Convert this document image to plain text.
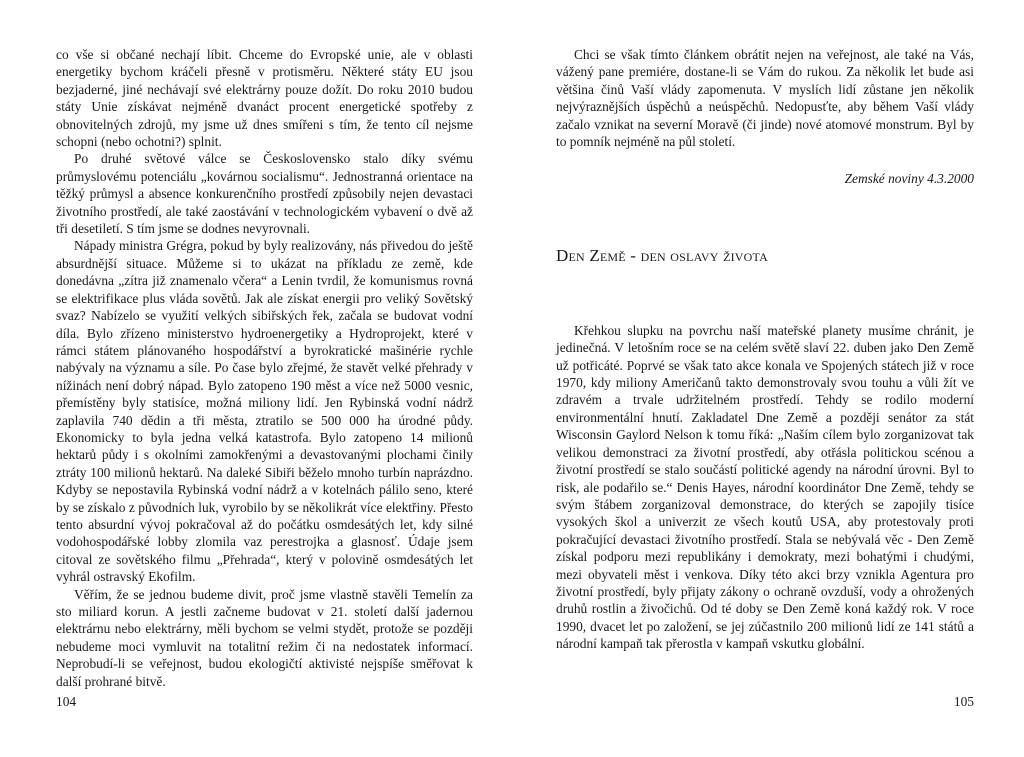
co vše si občané nechají líbit. Chceme do Evropské unie, ale v oblasti energetiky bychom kráčeli přesně v protisměru. Některé státy EU jsou bezjaderné, jiné nechávají své elektrárny pouze dožít. Do roku 2010 budou státy Unie získávat nejméně dvanáct procent energetické spotřeby z obnovitelných zdrojů, my jsme už dnes smířeni s tím, že tento cíl nejsme schopni (nebo ochotni?) splnit.

Po druhé světové válce se Československo stalo díky svému průmyslovému potenciálu „kovárnou socialismu“. Jednostranná orientace na těžký průmysl a absence konkurenčního prostředí způsobily nejen devastaci životního prostředí, ale také zaostávání v technologickém vybavení o dvě až tři desetiletí. S tím jsme se dodnes nevyrovnali.

Nápady ministra Grégra, pokud by byly realizovány, nás přivedou do ještě absurdnější situace. Můžeme si to ukázat na příkladu ze země, kde donedávna „zítra již znamenalo včera“ a Lenin tvrdil, že komunismus rovná se elektrifikace plus vláda sovětů. Jak ale získat energii pro veliký Sovětský svaz? Nabízelo se využití velkých sibiřských řek, začala se budovat vodní díla. Bylo zřízeno ministerstvo hydroenergetiky a Hydroprojekt, které v rámci státem plánovaného hospodářství a byrokratické mašinérie rychle nabývaly na významu a síle. Po čase bylo zřejmé, že stavět velké přehrady v nížinách není dobrý nápad. Bylo zatopeno 190 měst a více než 5000 vesnic, přemístěny byly statisíce, možná miliony lidí. Jen Rybinská vodní nádrž zaplavila 740 dědin a tři města, ztratilo se 500 000 ha úrodné půdy. Ekonomicky to byla jedna velká katastrofa. Bylo zatopeno 14 milionů hektarů půdy i s okolními zamokřenými a devastovanými plochami činily ztráty 100 milionů hektarů. Na daleké Sibiři běželo mnoho turbín naprázdno. Kdyby se nepostavila Rybinská vodní nádrž a v kotelnách pálilo seno, které by se získalo z původních luk, vyrobilo by se několikrát více elektřiny. Přesto tento absurdní vývoj pokračoval až do počátku osmdesátých let, kdy silné vodohospodářské lobby zlomila vaz perestrojka a glasnosť. Údaje jsem citoval ze sovětského filmu „Přehrada“, který v polovině osmdesátých let vyhrál ostravský Ekofilm.

Věřím, že se jednou budeme divit, proč jsme vlastně stavěli Temelín za sto miliard korun. A jestli začneme budovat v 21. století další jadernou elektrárnu nebo elektrárny, měli bychom se velmi stydět, protože se později nebudeme moci vymluvit na totalitní režim či na nedostatek informací. Neprobudí-li se veřejnost, budou ekologičtí aktivisté nejspíše směřovat k další prohrané bitvě.

104

Chci se však tímto článkem obrátit nejen na veřejnost, ale také na Vás, vážený pane premiére, dostane-li se Vám do rukou. Za několik let bude asi většina činů Vaší vlády zapomenuta. V myslích lidí zůstane jen několik nejvýraznějších úspěchů a neúspěchů. Nedopusťte, aby během Vaší vlády začalo vznikat na severní Moravě (či jinde) nové atomové monstrum. Byl by to pomník nejméně na půl století.

Zemské noviny 4.3.2000
Den Země - den oslavy života

Křehkou slupku na povrchu naší mateřské planety musíme chránit, je jedinečná. V letošním roce se na celém světě slaví 22. duben jako Den Země už potřicáté. Poprvé se však tato akce konala ve Spojených státech již v roce 1970, kdy miliony Američanů takto demonstrovaly svou touhu a vůli žít ve zdravém a trvale udržitelném prostředí. Tehdy se rodilo moderní environmentální hnutí. Zakladatel Dne Země a později senátor za stát Wisconsin Gaylord Nelson k tomu říká: „Naším cílem bylo zorganizovat tak velikou demonstraci za životní prostředí, aby otřásla politickou scénou a životní prostředí se stalo součástí politické agendy na národní úrovni. Byl to risk, ale podařilo se.“ Denis Hayes, národní koordinátor Dne Země, tehdy se svým štábem zorganizoval demonstrace, do kterých se zapojily tisíce vysokých škol a univerzit ze všech koutů USA, aby protestovaly proti pokračující devastaci životního prostředí. Stala se nebývalá věc - Den Země získal podporu mezi republikány i demokraty, mezi bohatými i chudými, mezi obyvateli měst i venkova. Díky této akci brzy vznikla Agentura pro životní prostředí, byly přijaty zákony o ochraně ovzduší, vody a ohrožených druhů rostlin a živočichů. Od té doby se Den Země koná každý rok. V roce 1990, dvacet let po založení, se jej zúčastnilo 200 milionů lidí ze 141 států a národní kampaň tak přerostla v kampaň vskutku globální.

105
